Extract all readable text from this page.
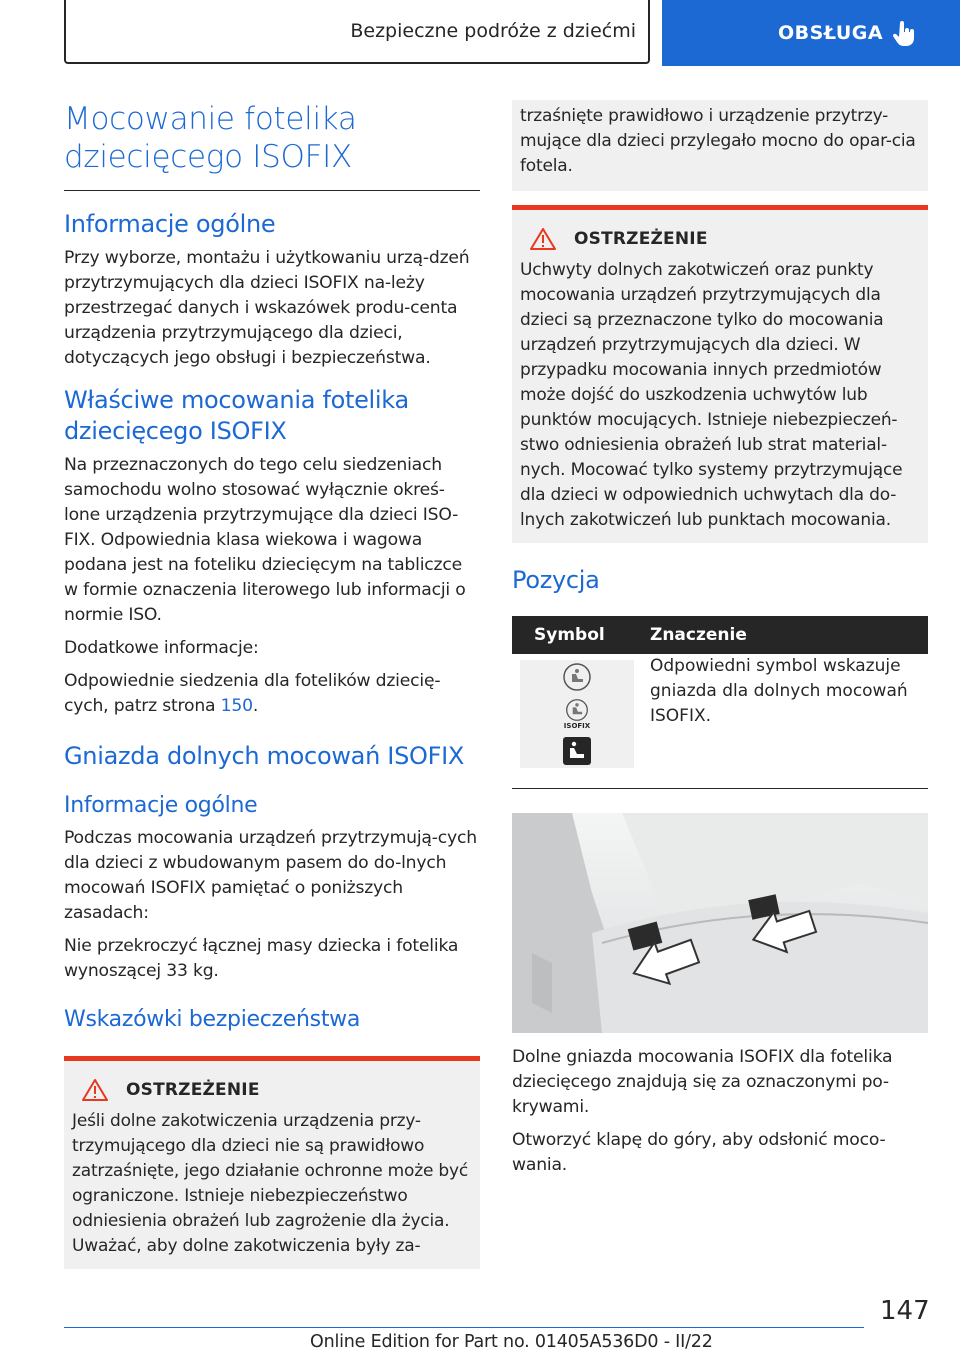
Bezpieczne podróże z dziećmi	OBSŁUGA
Mocowanie fotelika dziecięcego ISOFIX
Informacje ogólne

Przy wyborze, montażu i użytkowaniu urzą-dzeń przytrzymujących dla dzieci ISOFIX na-leży przestrzegać danych i wskazówek produ-centa urządzenia przytrzymującego dla dzieci, dotyczących jego obsługi i bezpieczeństwa.

Właściwe mocowania fotelika dziecięcego ISOFIX

Na przeznaczonych do tego celu siedzeniach samochodu wolno stosować wyłącznie okreś-lone urządzenia przytrzymujące dla dzieci ISO-FIX. Odpowiednia klasa wiekowa i wagowa podana jest na foteliku dziecięcym na tabliczce w formie oznaczenia literowego lub informacji o normie ISO.

Dodatkowe informacje:

Odpowiednie siedzenia dla fotelików dziecię-cych, patrz strona 150.

Gniazda dolnych mocowań ISOFIX
Informacje ogólne

Podczas mocowania urządzeń przytrzymują-cych dla dzieci z wbudowanym pasem do do-lnych mocowań ISOFIX pamiętać o poniższych zasadach:

Nie przekroczyć łącznej masy dziecka i fotelika wynoszącej 33 kg.

Wskazówki bezpieczeństwa
OSTRZEŻENIE

Jeśli dolne zakotwiczenia urządzenia przy-trzymującego dla dzieci nie są prawidłowo zatrzaśnięte, jego działanie ochronne może być ograniczone. Istnieje niebezpieczeństwo odniesienia obrażeń lub zagrożenie dla życia. Uważać, aby dolne zakotwiczenia były za-

trzaśnięte prawidłowo i urządzenie przytrzy-mujące dla dzieci przylegało mocno do opar-cia fotela.

OSTRZEŻENIE

Uchwyty dolnych zakotwiczeń oraz punkty mocowania urządzeń przytrzymujących dla dzieci są przeznaczone tylko do mocowania urządzeń przytrzymujących dla dzieci. W przypadku mocowania innych przedmiotów może dojść do uszkodzenia uchwytów lub punktów mocujących. Istnieje niebezpieczeń-stwo odniesienia obrażeń lub strat material-nych. Mocować tylko systemy przytrzymujące dla dzieci w odpowiednich uchwytach dla do-lnych zakotwiczeń lub punktach mocowania.

Pozycja
Symbol	Znaczenie

ISOFIX	Odpowiedni symbol wskazuje gniazda dla dolnych mocowań ISOFIX.

Dolne gniazda mocowania ISOFIX dla fotelika dziecięcego znajdują się za oznaczonymi po-krywami.

Otworzyć klapę do góry, aby odsłonić moco-wania.

147
Online Edition for Part no. 01405A536D0 - II/22
